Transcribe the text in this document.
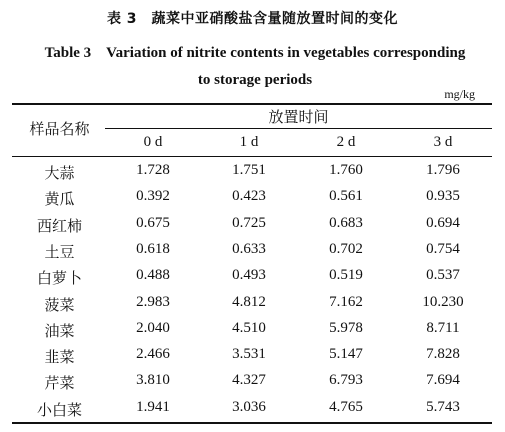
表 3　蔬菜中亚硝酸盐含量随放置时间的变化
Table 3　Variation of nitrite contents in vegetables corresponding
to storage periods
mg/kg
样品名称
放置时间
0 d	1 d	2 d	3 d
大蒜	1.728	1.751	1.760	1.796
黄瓜	0.392	0.423	0.561	0.935
西红柿	0.675	0.725	0.683	0.694
土豆	0.618	0.633	0.702	0.754
白萝卜	0.488	0.493	0.519	0.537
菠菜	2.983	4.812	7.162	10.230
油菜	2.040	4.510	5.978	8.711
韭菜	2.466	3.531	5.147	7.828
芹菜	3.810	4.327	6.793	7.694
小白菜	1.941	3.036	4.765	5.743
